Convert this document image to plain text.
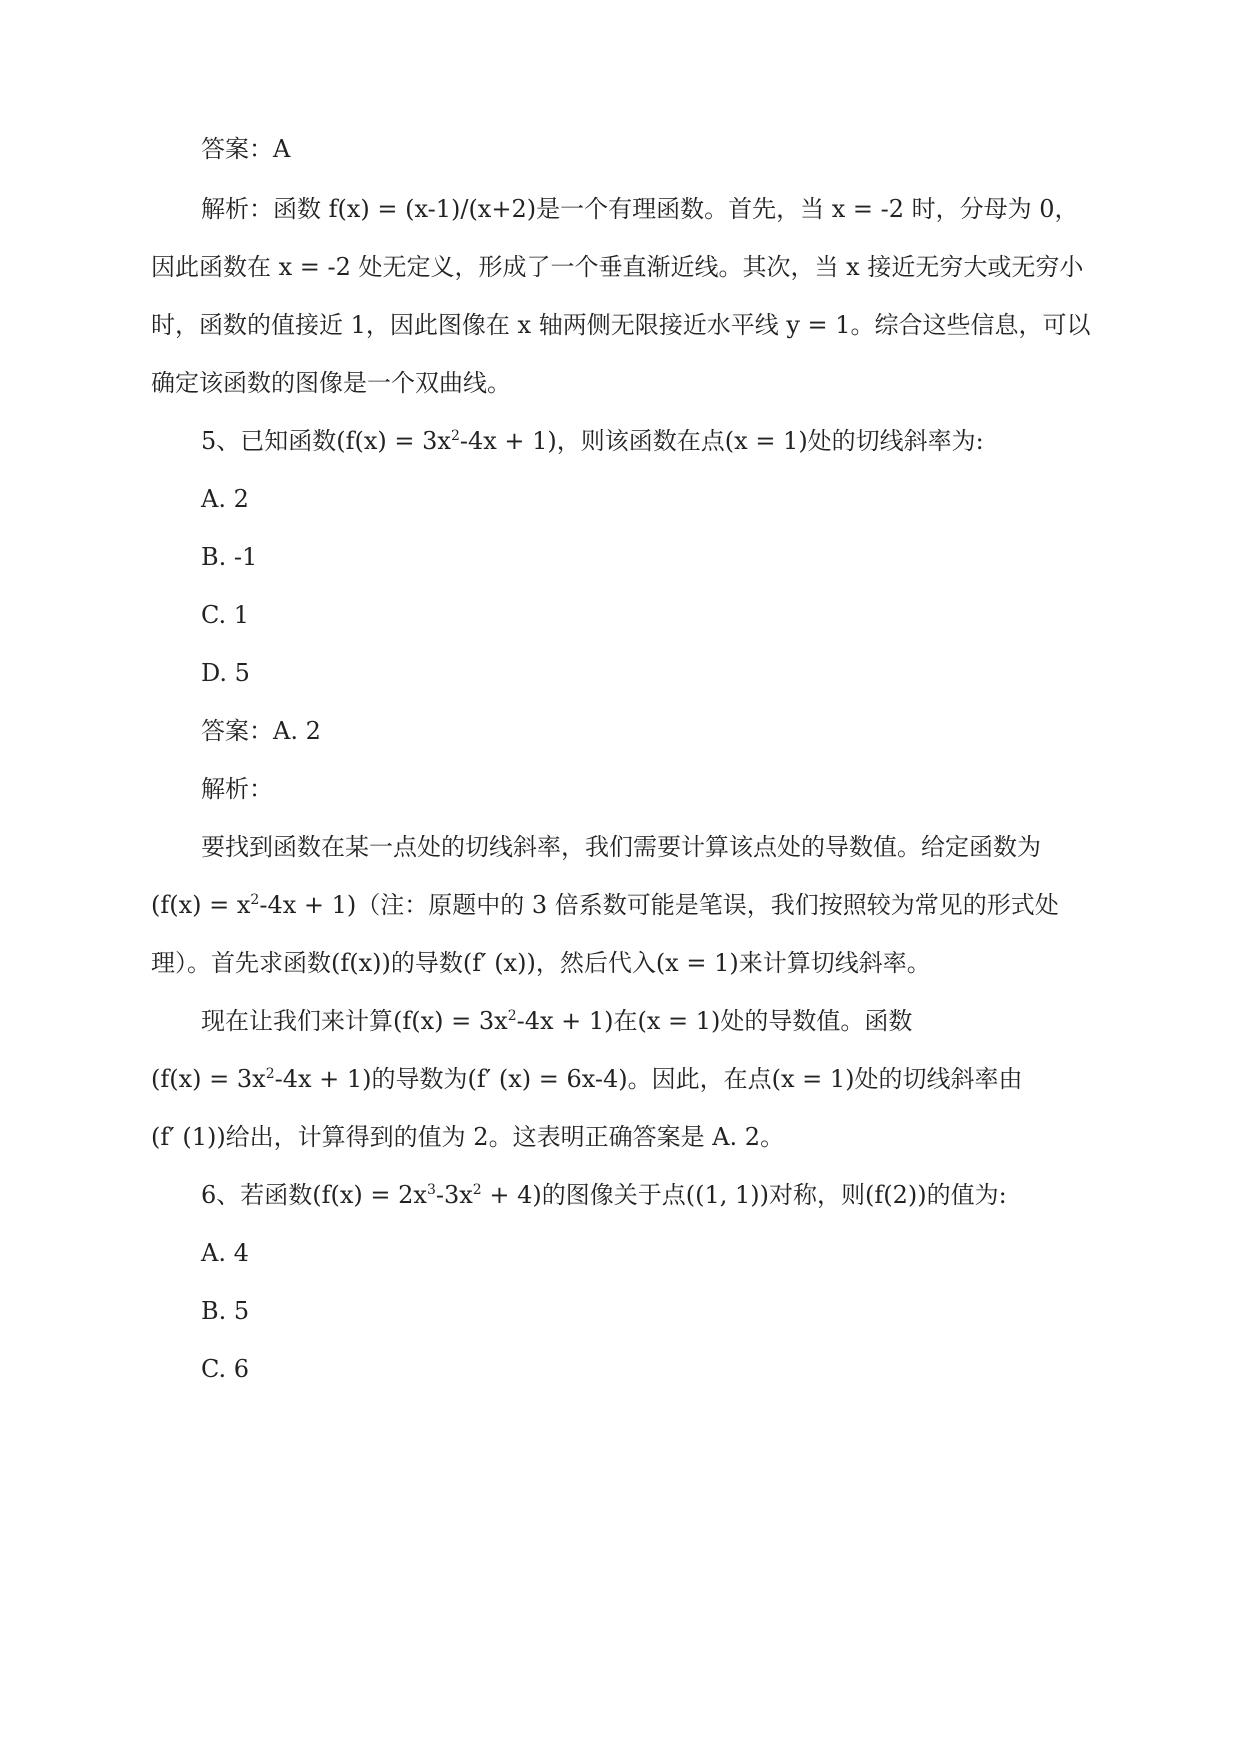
答案：A
解析：函数 f(x) = (x-1)/(x+2)是一个有理函数。首先，当 x = -2 时，分母为 0，
因此函数在 x = -2 处无定义，形成了一个垂直渐近线。其次，当 x 接近无穷大或无穷小
时，函数的值接近 1，因此图像在 x 轴两侧无限接近水平线 y = 1。综合这些信息，可以
确定该函数的图像是一个双曲线。
5、已知函数$(f(x) = 3x^2-4x + 1)$，则该函数在点(x = 1)处的切线斜率为:
A. 2
B. -1
C. 1
D. 5
答案：A. 2
解析：
要找到函数在某一点处的切线斜率，我们需要计算该点处的导数值。给定函数为
$(f(x) = x^2-4x + 1)$（注：原题中的 3 倍系数可能是笔误，我们按照较为常见的形式处
理）。首先求函数(f(x))的导数(f′ (x))，然后代入(x = 1)来计算切线斜率。
现在让我们来计算$(f(x) = 3x^2-4x + 1)$在(x = 1)处的导数值。函数
$(f(x) = 3x^2-4x + 1)$的导数为(f′ (x) = 6x-4)。因此，在点(x = 1)处的切线斜率由
(f′ (1))给出，计算得到的值为 2。这表明正确答案是 A. 2。
6、若函数$(f(x) = 2x^3-3x^2 + 4)$的图像关于点((1, 1))对称，则(f(2))的值为:
A. 4
B. 5
C. 6
